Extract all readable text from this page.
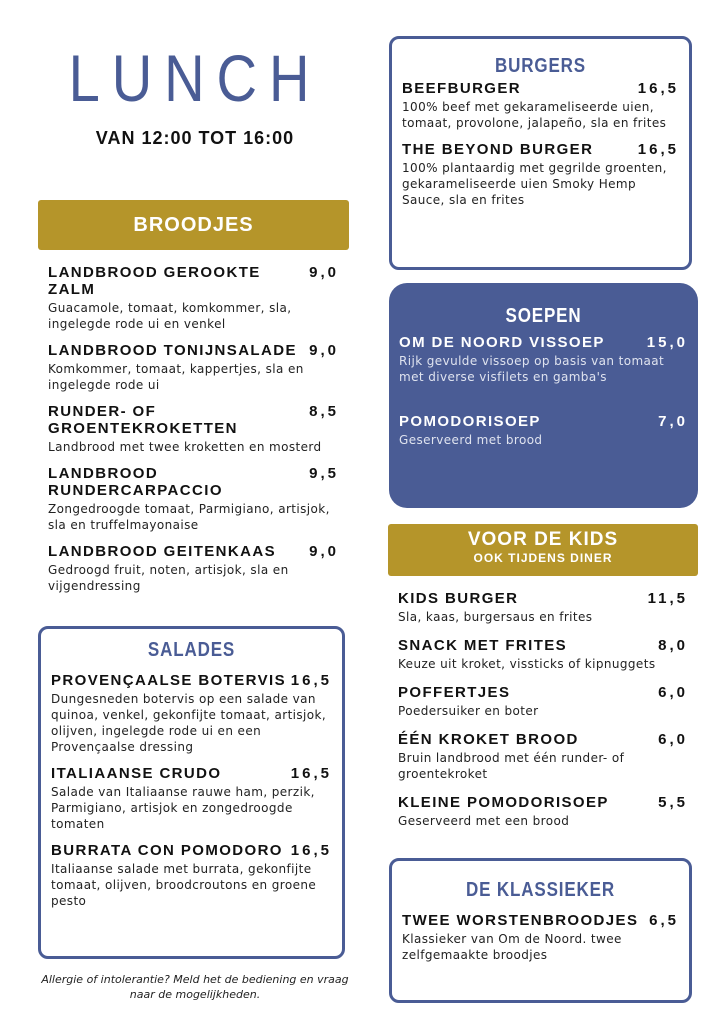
LUNCH
VAN 12:00 TOT 16:00
BROODJES
LANDBROOD GEROOKTE ZALM
9,0
Guacamole, tomaat, komkommer, sla, ingelegde rode ui en venkel
LANDBROOD TONIJNSALADE 9,0
Komkommer, tomaat, kappertjes, sla en ingelegde rode ui
RUNDER- OF GROENTEKROKETTEN
8,5
Landbrood met twee kroketten en mosterd
LANDBROOD RUNDERCARPACCIO
9,5
Zongedroogde tomaat, Parmigiano, artisjok, sla en truffelmayonaise
LANDBROOD GEITENKAAS 9,0
Gedroogd fruit, noten, artisjok, sla en vijgendressing
SALADES
PROVENÇAALSE BOTERVIS 16,5
Dungesneden botervis op een salade van quinoa, venkel, gekonfijte tomaat, artisjok, olijven, ingelegde rode ui en een Provençaalse dressing
ITALIAANSE CRUDO	16,5
Salade van Italiaanse rauwe ham, perzik, Parmigiano, artisjok en zongedroogde tomaten
BURRATA CON POMODORO 16,5
Italiaanse salade met burrata, gekonfijte tomaat, olijven, broodcroutons en groene pesto
Allergie of intolerantie? Meld het de bediening en vraag naar de mogelijkheden.
BURGERS
BEEFBURGER	16,5
100% beef met gekarameliseerde uien, tomaat, provolone, jalapeño, sla en frites
THE BEYOND BURGER	16,5
100% plantaardig met gegrilde groenten, gekarameliseerde uien Smoky Hemp Sauce, sla en frites
SOEPEN
OM DE NOORD VISSOEP	15,0
Rijk gevulde vissoep op basis van tomaat met diverse visfilets en gamba's
POMODORISOEP	7,0
Geserveerd met brood
VOOR DE KIDS
OOK TIJDENS DINER
KIDS BURGER	11,5
Sla, kaas, burgersaus en frites
SNACK MET FRITES	8,0
Keuze uit kroket, vissticks of kipnuggets
POFFERTJES	6,0
Poedersuiker en boter
ÉÉN KROKET BROOD	6,0
Bruin landbrood met één runder- of groentekroket
KLEINE POMODORISOEP	5,5
Geserveerd met een brood
DE KLASSIEKER
TWEE WORSTENBROODJES 6,5
Klassieker van Om de Noord. twee zelfgemaakte broodjes
